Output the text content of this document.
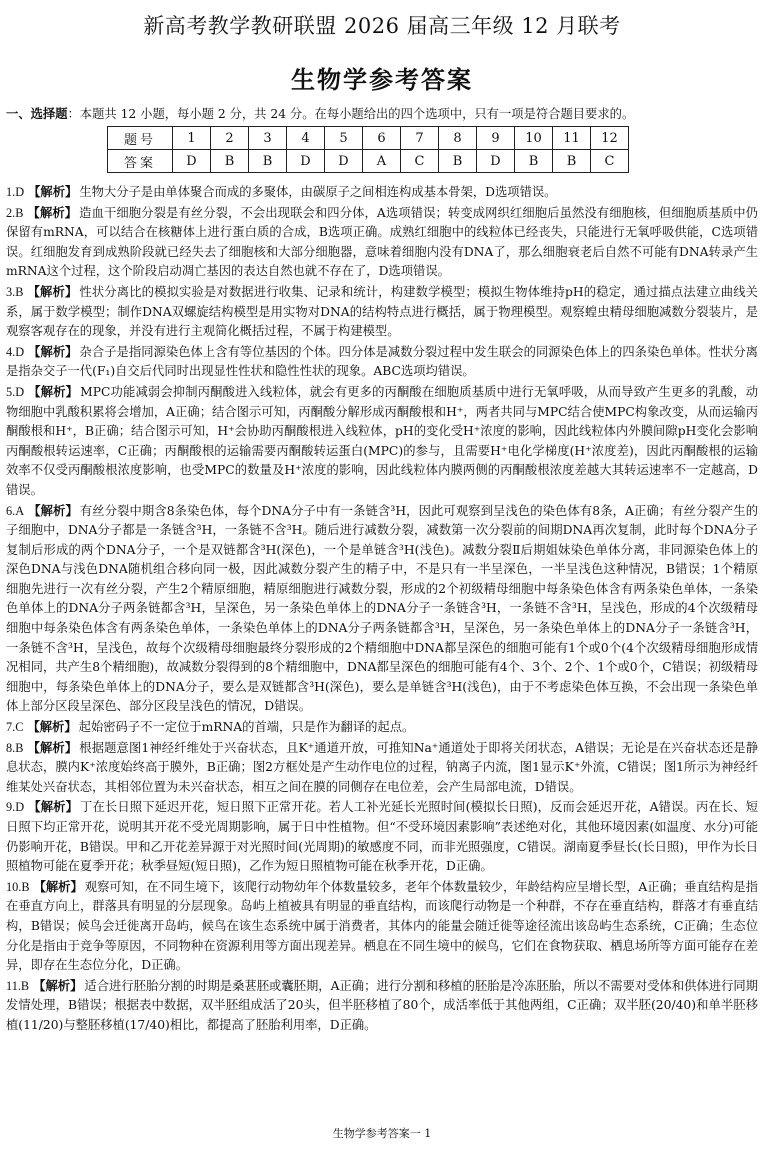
新高考教学教研联盟 2026 届高三年级 12 月联考
生物学参考答案
一、选择题：本题共 12 小题，每小题 2 分，共 24 分。在每小题给出的四个选项中，只有一项是符合题目要求的。
题号	1	2	3	4	5	6	7	8	9	10	11	12
答案	D	B	B	D	D	A	C	B	D	B	B	C

1.D 【解析】 生物大分子是由单体聚合而成的多聚体，由碳原子之间相连构成基本骨架，D选项错误。

2.B 【解析】 造血干细胞分裂是有丝分裂，不会出现联会和四分体，A选项错误；转变成网织红细胞后虽然没有细胞核，但细胞质基质中仍保留有mRNA，可以结合在核糖体上进行蛋白质的合成，B选项正确。成熟红细胞中的线粒体已经丧失，只能进行无氧呼吸供能，C选项错误。红细胞发育到成熟阶段就已经失去了细胞核和大部分细胞器，意味着细胞内没有DNA了，那么细胞衰老后自然不可能有DNA转录产生mRNA这个过程，这个阶段启动凋亡基因的表达自然也就不存在了，D选项错误。

3.B 【解析】 性状分离比的模拟实验是对数据进行收集、记录和统计，构建数学模型；模拟生物体维持pH的稳定，通过描点法建立曲线关系，属于数学模型；制作DNA双螺旋结构模型是用实物对DNA的结构特点进行概括，属于物理模型。观察蝗虫精母细胞减数分裂装片，是观察客观存在的现象，并没有进行主观简化概括过程，不属于构建模型。

4.D 【解析】 杂合子是指同源染色体上含有等位基因的个体。四分体是减数分裂过程中发生联会的同源染色体上的四条染色单体。性状分离是指杂交子一代(F₁)自交后代同时出现显性性状和隐性性状的现象。ABC选项均错误。

5.D 【解析】 MPC功能减弱会抑制丙酮酸进入线粒体，就会有更多的丙酮酸在细胞质基质中进行无氧呼吸，从而导致产生更多的乳酸，动物细胞中乳酸积累将会增加，A正确；结合图示可知，丙酮酸分解形成丙酮酸根和H⁺，两者共同与MPC结合使MPC构象改变，从而运输丙酮酸根和H⁺，B正确；结合图示可知，H⁺会协助丙酮酸根进入线粒体，pH的变化受H⁺浓度的影响，因此线粒体内外膜间隙pH变化会影响丙酮酸根转运速率，C正确；丙酮酸根的运输需要丙酮酸转运蛋白(MPC)的参与，且需要H⁺电化学梯度(H⁺浓度差)，因此丙酮酸根的运输效率不仅受丙酮酸根浓度影响，也受MPC的数量及H⁺浓度的影响，因此线粒体内膜两侧的丙酮酸根浓度差越大其转运速率不一定越高，D错误。

6.A 【解析】 有丝分裂中期含8条染色体，每个DNA分子中有一条链含³H，因此可观察到呈浅色的染色体有8条，A正确；有丝分裂产生的子细胞中，DNA分子都是一条链含³H，一条链不含³H。随后进行减数分裂，减数第一次分裂前的间期DNA再次复制，此时每个DNA分子复制后形成的两个DNA分子，一个是双链都含³H(深色)，一个是单链含³H(浅色)。减数分裂Ⅱ后期姐妹染色单体分离，非同源染色体上的深色DNA与浅色DNA随机组合移向同一极，因此减数分裂产生的精子中，不是只有一半呈深色，一半呈浅色这种情况，B错误；1个精原细胞先进行一次有丝分裂，产生2个精原细胞，精原细胞进行减数分裂，形成的2个初级精母细胞中每条染色体含有两条染色单体，一条染色单体上的DNA分子两条链都含³H，呈深色，另一条染色单体上的DNA分子一条链含³H，一条链不含³H，呈浅色，形成的4个次级精母细胞中每条染色体含有两条染色单体，一条染色单体上的DNA分子两条链都含³H，呈深色，另一条染色单体上的DNA分子一条链含³H，一条链不含³H，呈浅色，故每个次级精母细胞最终分裂形成的2个精细胞中DNA都呈深色的细胞可能有1个或0个(4个次级精母细胞形成情况相同，共产生8个精细胞)，故减数分裂得到的8个精细胞中，DNA都呈深色的细胞可能有4个、3个、2个、1个或0个，C错误；初级精母细胞中，每条染色单体上的DNA分子，要么是双链都含³H(深色)，要么是单链含³H(浅色)，由于不考虑染色体互换，不会出现一条染色单体上部分区段呈深色、部分区段呈浅色的情况，D错误。

7.C 【解析】 起始密码子不一定位于mRNA的首端，只是作为翻译的起点。

8.B 【解析】 根据题意图1神经纤维处于兴奋状态，且K⁺通道开放，可推知Na⁺通道处于即将关闭状态，A错误；无论是在兴奋状态还是静息状态，膜内K⁺浓度始终高于膜外，B正确；图2方框处是产生动作电位的过程，钠离子内流，图1显示K⁺外流，C错误；图1所示为神经纤维某处兴奋状态，其相邻位置为未兴奋状态，相互之间在膜的同侧存在电位差，会产生局部电流，D错误。

9.D 【解析】 丁在长日照下延迟开花，短日照下正常开花。若人工补光延长光照时间(模拟长日照)，反而会延迟开花，A错误。丙在长、短日照下均正常开花，说明其开花不受光周期影响，属于日中性植物。但“不受环境因素影响”表述绝对化，其他环境因素(如温度、水分)可能仍影响开花，B错误。甲和乙开花差异源于对光照时间(光周期)的敏感度不同，而非光照强度，C错误。湖南夏季昼长(长日照)，甲作为长日照植物可能在夏季开花；秋季昼短(短日照)，乙作为短日照植物可能在秋季开花，D正确。

10.B 【解析】 观察可知，在不同生境下，该爬行动物幼年个体数量较多，老年个体数量较少，年龄结构应呈增长型，A正确；垂直结构是指在垂直方向上，群落具有明显的分层现象。岛屿上植被具有明显的垂直结构，而该爬行动物是一个种群，不存在垂直结构，群落才有垂直结构，B错误；候鸟会迁徙离开岛屿，候鸟在该生态系统中属于消费者，其体内的能量会随迁徙等途径流出该岛屿生态系统，C正确；生态位分化是指由于竞争等原因，不同物种在资源利用等方面出现差异。栖息在不同生境中的候鸟，它们在食物获取、栖息场所等方面可能存在差异，即存在生态位分化，D正确。

11.B 【解析】 适合进行胚胎分割的时期是桑葚胚或囊胚期，A正确；进行分割和移植的胚胎是冷冻胚胎，所以不需要对受体和供体进行同期发情处理，B错误；根据表中数据，双半胚组成活了20头，但半胚移植了80个，成活率低于其他两组，C正确；双半胚(20/40)和单半胚移植(11/20)与整胚移植(17/40)相比，都提高了胚胎利用率，D正确。

生物学参考答案一 1
